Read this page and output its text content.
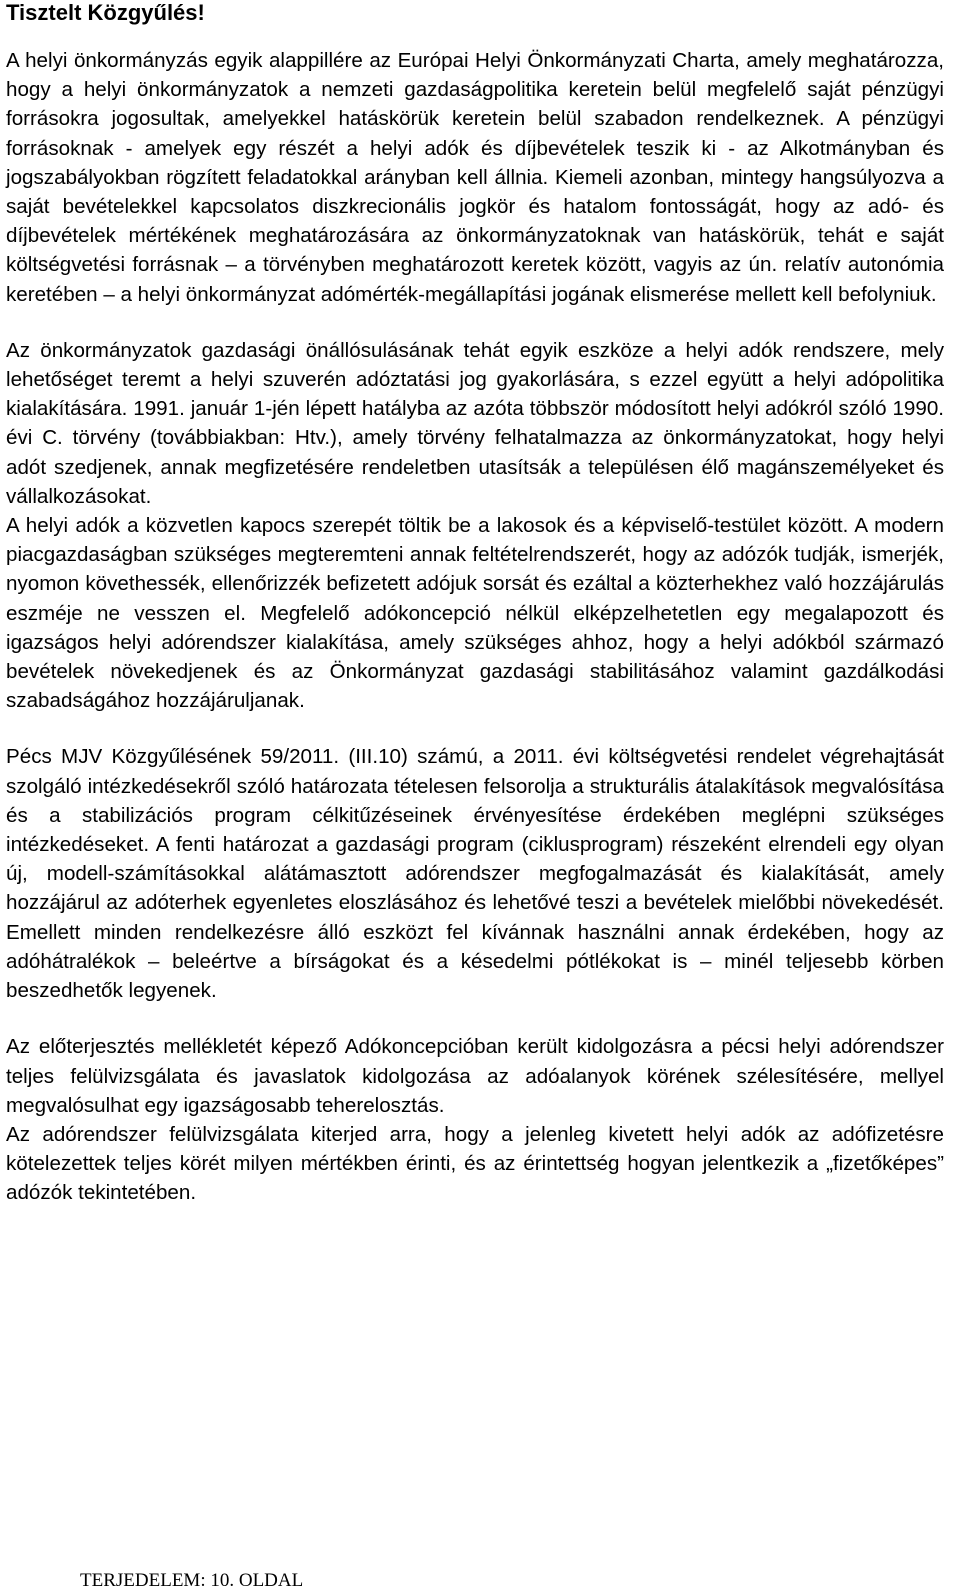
Tisztelt Közgyűlés!

A helyi önkormányzás egyik alappillére az Európai Helyi Önkormányzati Charta, amely meghatározza, hogy a helyi önkormányzatok a nemzeti gazdaságpolitika keretein belül megfelelő saját pénzügyi forrásokra jogosultak, amelyekkel hatáskörük keretein belül szabadon rendelkeznek. A pénzügyi forrásoknak - amelyek egy részét a helyi adók és díjbevételek teszik ki - az Alkotmányban és jogszabályokban rögzített feladatokkal arányban kell állnia. Kiemeli azonban, mintegy hangsúlyozva a saját bevételekkel kapcsolatos diszkrecionális jogkör és hatalom fontosságát, hogy az adó- és díjbevételek mértékének meghatározására az önkormányzatoknak van hatáskörük, tehát e saját költségvetési forrásnak – a törvényben meghatározott keretek között, vagyis az ún. relatív autonómia keretében – a helyi önkormányzat adómérték-megállapítási jogának elismerése mellett kell befolyniuk.

Az önkormányzatok gazdasági önállósulásának tehát egyik eszköze a helyi adók rendszere, mely lehetőséget teremt a helyi szuverén adóztatási jog gyakorlására, s ezzel együtt a helyi adópolitika kialakítására. 1991. január 1-jén lépett hatályba az azóta többször módosított helyi adókról szóló 1990. évi C. törvény (továbbiakban: Htv.), amely törvény felhatalmazza az önkormányzatokat, hogy helyi adót szedjenek, annak megfizetésére rendeletben utasítsák a településen élő magánszemélyeket és vállalkozásokat.

A helyi adók a közvetlen kapocs szerepét töltik be a lakosok és a képviselő-testület között. A modern piacgazdaságban szükséges megteremteni annak feltételrendszerét, hogy az adózók tudják, ismerjék, nyomon követhessék, ellenőrizzék befizetett adójuk sorsát és ezáltal a közterhekhez való hozzájárulás eszméje ne vesszen el. Megfelelő adókoncepció nélkül elképzelhetetlen egy megalapozott és igazságos helyi adórendszer kialakítása, amely szükséges ahhoz, hogy a helyi adókból származó bevételek növekedjenek és az Önkormányzat gazdasági stabilitásához valamint gazdálkodási szabadságához hozzájáruljanak.

Pécs MJV Közgyűlésének 59/2011. (III.10) számú, a 2011. évi költségvetési rendelet végrehajtását szolgáló intézkedésekről szóló határozata tételesen felsorolja a strukturális átalakítások megvalósítása és a stabilizációs program célkitűzéseinek érvényesítése érdekében meglépni szükséges intézkedéseket. A fenti határozat a gazdasági program (ciklusprogram) részeként elrendeli egy olyan új, modell-számításokkal alátámasztott adórendszer megfogalmazását és kialakítását, amely hozzájárul az adóterhek egyenletes eloszlásához és lehetővé teszi a bevételek mielőbbi növekedését. Emellett minden rendelkezésre álló eszközt fel kívánnak használni annak érdekében, hogy az adóhátralékok – beleértve a bírságokat és a késedelmi pótlékokat is – minél teljesebb körben beszedhetők legyenek.

Az előterjesztés mellékletét képező Adókoncepcióban került kidolgozásra a pécsi helyi adórendszer teljes felülvizsgálata és javaslatok kidolgozása az adóalanyok körének szélesítésére, mellyel megvalósulhat egy igazságosabb teherelosztás.

Az adórendszer felülvizsgálata kiterjed arra, hogy a jelenleg kivetett helyi adók az adófizetésre kötelezettek teljes körét milyen mértékben érinti, és az érintettség hogyan jelentkezik a „fizetőképes” adózók tekintetében.

TERJEDELEM: 10. OLDAL
